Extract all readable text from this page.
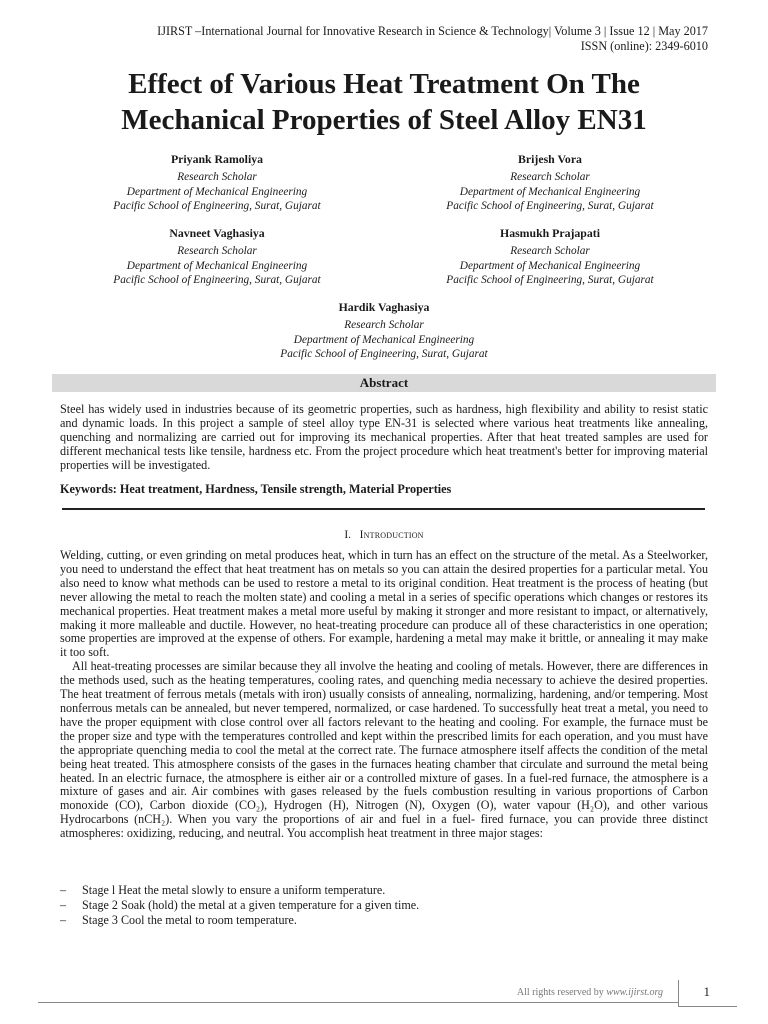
IJIRST –International Journal for Innovative Research in Science & Technology| Volume 3 | Issue 12 | May 2017
ISSN (online): 2349-6010
Effect of Various Heat Treatment On The
Mechanical Properties of Steel Alloy EN31
Priyank Ramoliya
Research Scholar
Department of Mechanical Engineering
Pacific School of Engineering, Surat, Gujarat
Brijesh Vora
Research Scholar
Department of Mechanical Engineering
Pacific School of Engineering, Surat, Gujarat
Navneet Vaghasiya
Research Scholar
Department of Mechanical Engineering
Pacific School of Engineering, Surat, Gujarat
Hasmukh Prajapati
Research Scholar
Department of Mechanical Engineering
Pacific School of Engineering, Surat, Gujarat
Hardik Vaghasiya
Research Scholar
Department of Mechanical Engineering
Pacific School of Engineering, Surat, Gujarat
Abstract
Steel has widely used in industries because of its geometric properties, such as hardness, high flexibility and ability to resist static and dynamic loads. In this project a sample of steel alloy type EN-31 is selected where various heat treatments like annealing, quenching and normalizing are carried out for improving its mechanical properties. After that heat treated samples are used for different mechanical tests like tensile, hardness etc. From the project procedure which heat treatment's better for improving material properties will be investigated.
Keywords: Heat treatment, Hardness, Tensile strength, Material Properties
I. Introduction

Welding, cutting, or even grinding on metal produces heat, which in turn has an effect on the structure of the metal. As a Steelworker, you need to understand the effect that heat treatment has on metals so you can attain the desired properties for a particular metal. You also need to know what methods can be used to restore a metal to its original condition. Heat treatment is the process of heating (but never allowing the metal to reach the molten state) and cooling a metal in a series of specific operations which changes or restores its mechanical properties. Heat treatment makes a metal more useful by making it stronger and more resistant to impact, or alternatively, making it more malleable and ductile. However, no heat-treating procedure can produce all of these characteristics in one operation; some properties are improved at the expense of others. For example, hardening a metal may make it brittle, or annealing it may make it too soft.

All heat-treating processes are similar because they all involve the heating and cooling of metals. However, there are differences in the methods used, such as the heating temperatures, cooling rates, and quenching media necessary to achieve the desired properties. The heat treatment of ferrous metals (metals with iron) usually consists of annealing, normalizing, hardening, and/or tempering. Most nonferrous metals can be annealed, but never tempered, normalized, or case hardened. To successfully heat treat a metal, you need to have the proper equipment with close control over all factors relevant to the heating and cooling. For example, the furnace must be the proper size and type with the temperatures controlled and kept within the prescribed limits for each operation, and you must have the appropriate quenching media to cool the metal at the correct rate. The furnace atmosphere itself affects the condition of the metal being heat treated. This atmosphere consists of the gases in the furnaces heating chamber that circulate and surround the metal being heated. In an electric furnace, the atmosphere is either air or a controlled mixture of gases. In a fuel-red furnace, the atmosphere is a mixture of gases and air. Air combines with gases released by the fuels combustion resulting in various proportions of Carbon monoxide (CO), Carbon dioxide (CO₂), Hydrogen (H), Nitrogen (N), Oxygen (O), water vapour (H₂O), and other various Hydrocarbons (nCH₂). When you vary the proportions of air and fuel in a fuel- fired furnace, you can provide three distinct atmospheres: oxidizing, reducing, and neutral. You accomplish heat treatment in three major stages:

– Stage l Heat the metal slowly to ensure a uniform temperature.
– Stage 2 Soak (hold) the metal at a given temperature for a given time.
– Stage 3 Cool the metal to room temperature.
All rights reserved by www.ijirst.org	1
